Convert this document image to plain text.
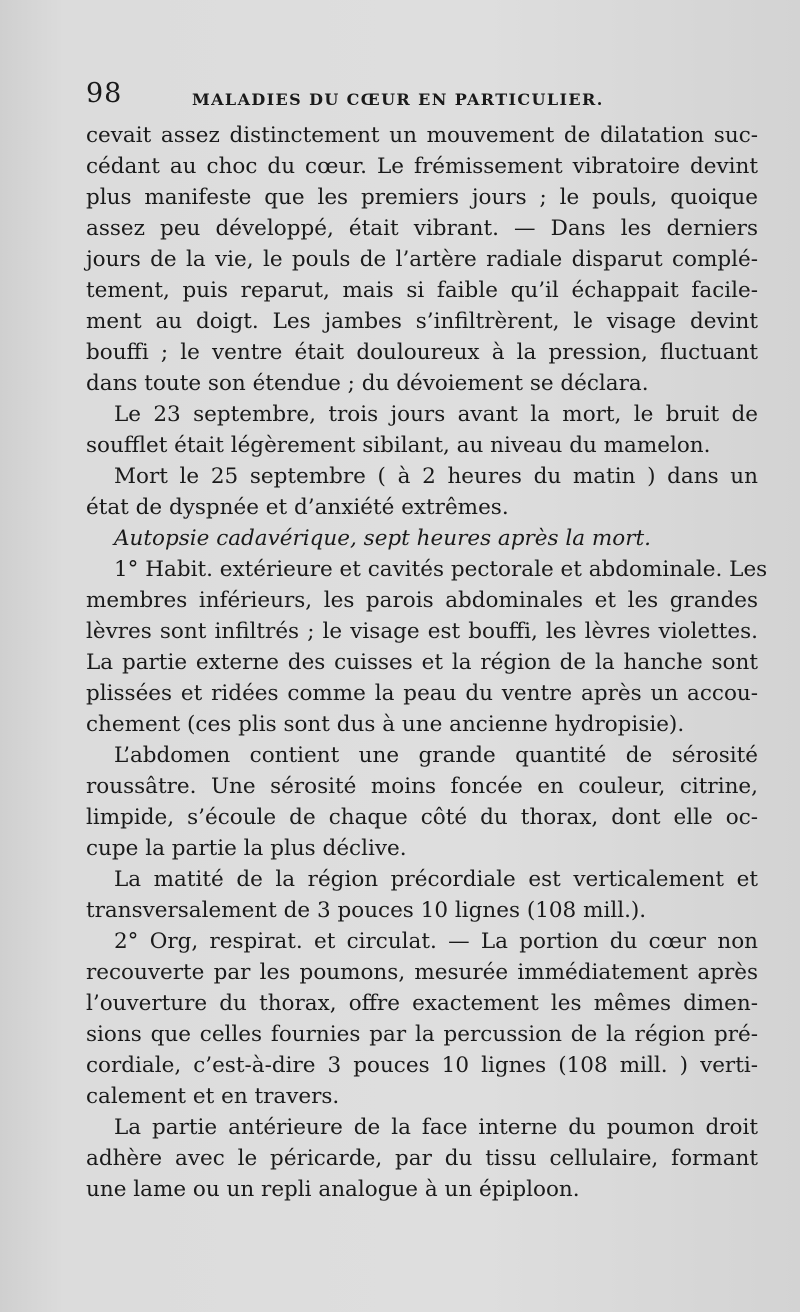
98	MALADIES DU CŒUR EN PARTICULIER.
cevait assez distinctement un mouvement de dilatation suc-
cédant au choc du cœur. Le frémissement vibratoire devint
plus manifeste que les premiers jours ; le pouls, quoique
assez peu développé, était vibrant. — Dans les derniers
jours de la vie, le pouls de l’artère radiale disparut complé-
tement, puis reparut, mais si faible qu’il échappait facile-
ment au doigt. Les jambes s’infiltrèrent, le visage devint
bouffi ; le ventre était douloureux à la pression, fluctuant
dans toute son étendue ; du dévoiement se déclara.
Le 23 septembre, trois jours avant la mort, le bruit de
soufflet était légèrement sibilant, au niveau du mamelon.
Mort le 25 septembre ( à 2 heures du matin ) dans un
état de dyspnée et d’anxiété extrêmes.
Autopsie cadavérique, sept heures après la mort.
1° Habit. extérieure et cavités pectorale et abdominale. Les
membres inférieurs, les parois abdominales et les grandes
lèvres sont infiltrés ; le visage est bouffi, les lèvres violettes.
La partie externe des cuisses et la région de la hanche sont
plissées et ridées comme la peau du ventre après un accou-
chement (ces plis sont dus à une ancienne hydropisie).
L’abdomen contient une grande quantité de sérosité
roussâtre. Une sérosité moins foncée en couleur, citrine,
limpide, s’écoule de chaque côté du thorax, dont elle oc-
cupe la partie la plus déclive.
La matité de la région précordiale est verticalement et
transversalement de 3 pouces 10 lignes (108 mill.).
2° Org, respirat. et circulat. — La portion du cœur non
recouverte par les poumons, mesurée immédiatement après
l’ouverture du thorax, offre exactement les mêmes dimen-
sions que celles fournies par la percussion de la région pré-
cordiale, c’est-à-dire 3 pouces 10 lignes (108 mill. ) verti-
calement et en travers.
La partie antérieure de la face interne du poumon droit
adhère avec le péricarde, par du tissu cellulaire, formant
une lame ou un repli analogue à un épiploon.
